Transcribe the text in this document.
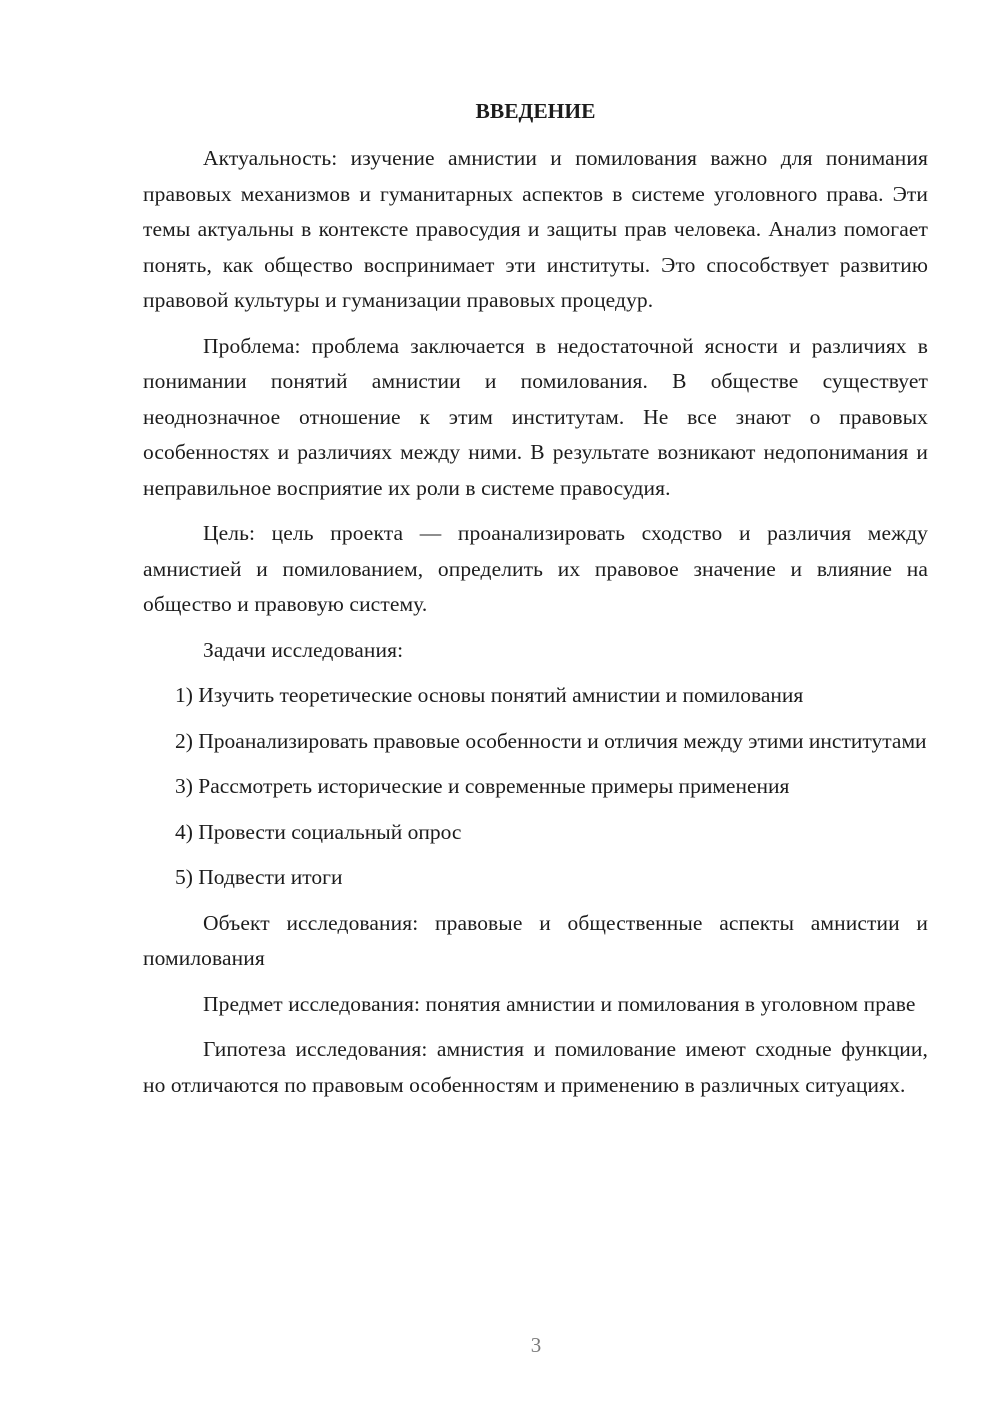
ВВЕДЕНИЕ

Актуальность: изучение амнистии и помилования важно для понимания правовых механизмов и гуманитарных аспектов в системе уголовного права. Эти темы актуальны в контексте правосудия и защиты прав человека. Анализ помогает понять, как общество воспринимает эти институты. Это способствует развитию правовой культуры и гуманизации правовых процедур.

Проблема: проблема заключается в недостаточной ясности и различиях в понимании понятий амнистии и помилования. В обществе существует неоднозначное отношение к этим институтам. Не все знают о правовых особенностях и различиях между ними. В результате возникают недопонимания и неправильное восприятие их роли в системе правосудия.

Цель: цель проекта — проанализировать сходство и различия между амнистией и помилованием, определить их правовое значение и влияние на общество и правовую систему.

Задачи исследования:

1) Изучить теоретические основы понятий амнистии и помилования

2) Проанализировать правовые особенности и отличия между этими институтами

3) Рассмотреть исторические и современные примеры применения

4) Провести социальный опрос

5) Подвести итоги

Объект исследования: правовые и общественные аспекты амнистии и помилования

Предмет исследования: понятия амнистии и помилования в уголовном праве

Гипотеза исследования: амнистия и помилование имеют сходные функции, но отличаются по правовым особенностям и применению в различных ситуациях.

3
